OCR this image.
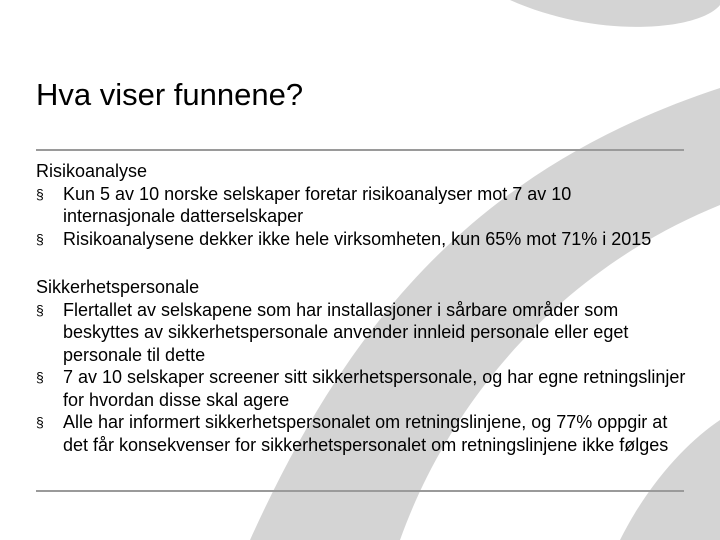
Hva viser funnene?
Risikoanalyse
§ Kun 5 av 10 norske selskaper foretar risikoanalyser mot 7 av 10 internasjonale datterselskaper
§ Risikoanalysene dekker ikke hele virksomheten, kun 65% mot 71% i 2015
Sikkerhetspersonale
§ Flertallet av selskapene som har installasjoner i sårbare områder som beskyttes av sikkerhetspersonale anvender innleid personale eller eget personale til dette
§ 7 av 10 selskaper screener sitt sikkerhetspersonale, og har egne retningslinjer for hvordan disse skal agere
§ Alle har informert sikkerhetspersonalet om retningslinjene, og 77% oppgir at det får konsekvenser for sikkerhetspersonalet om retningslinjene ikke følges
